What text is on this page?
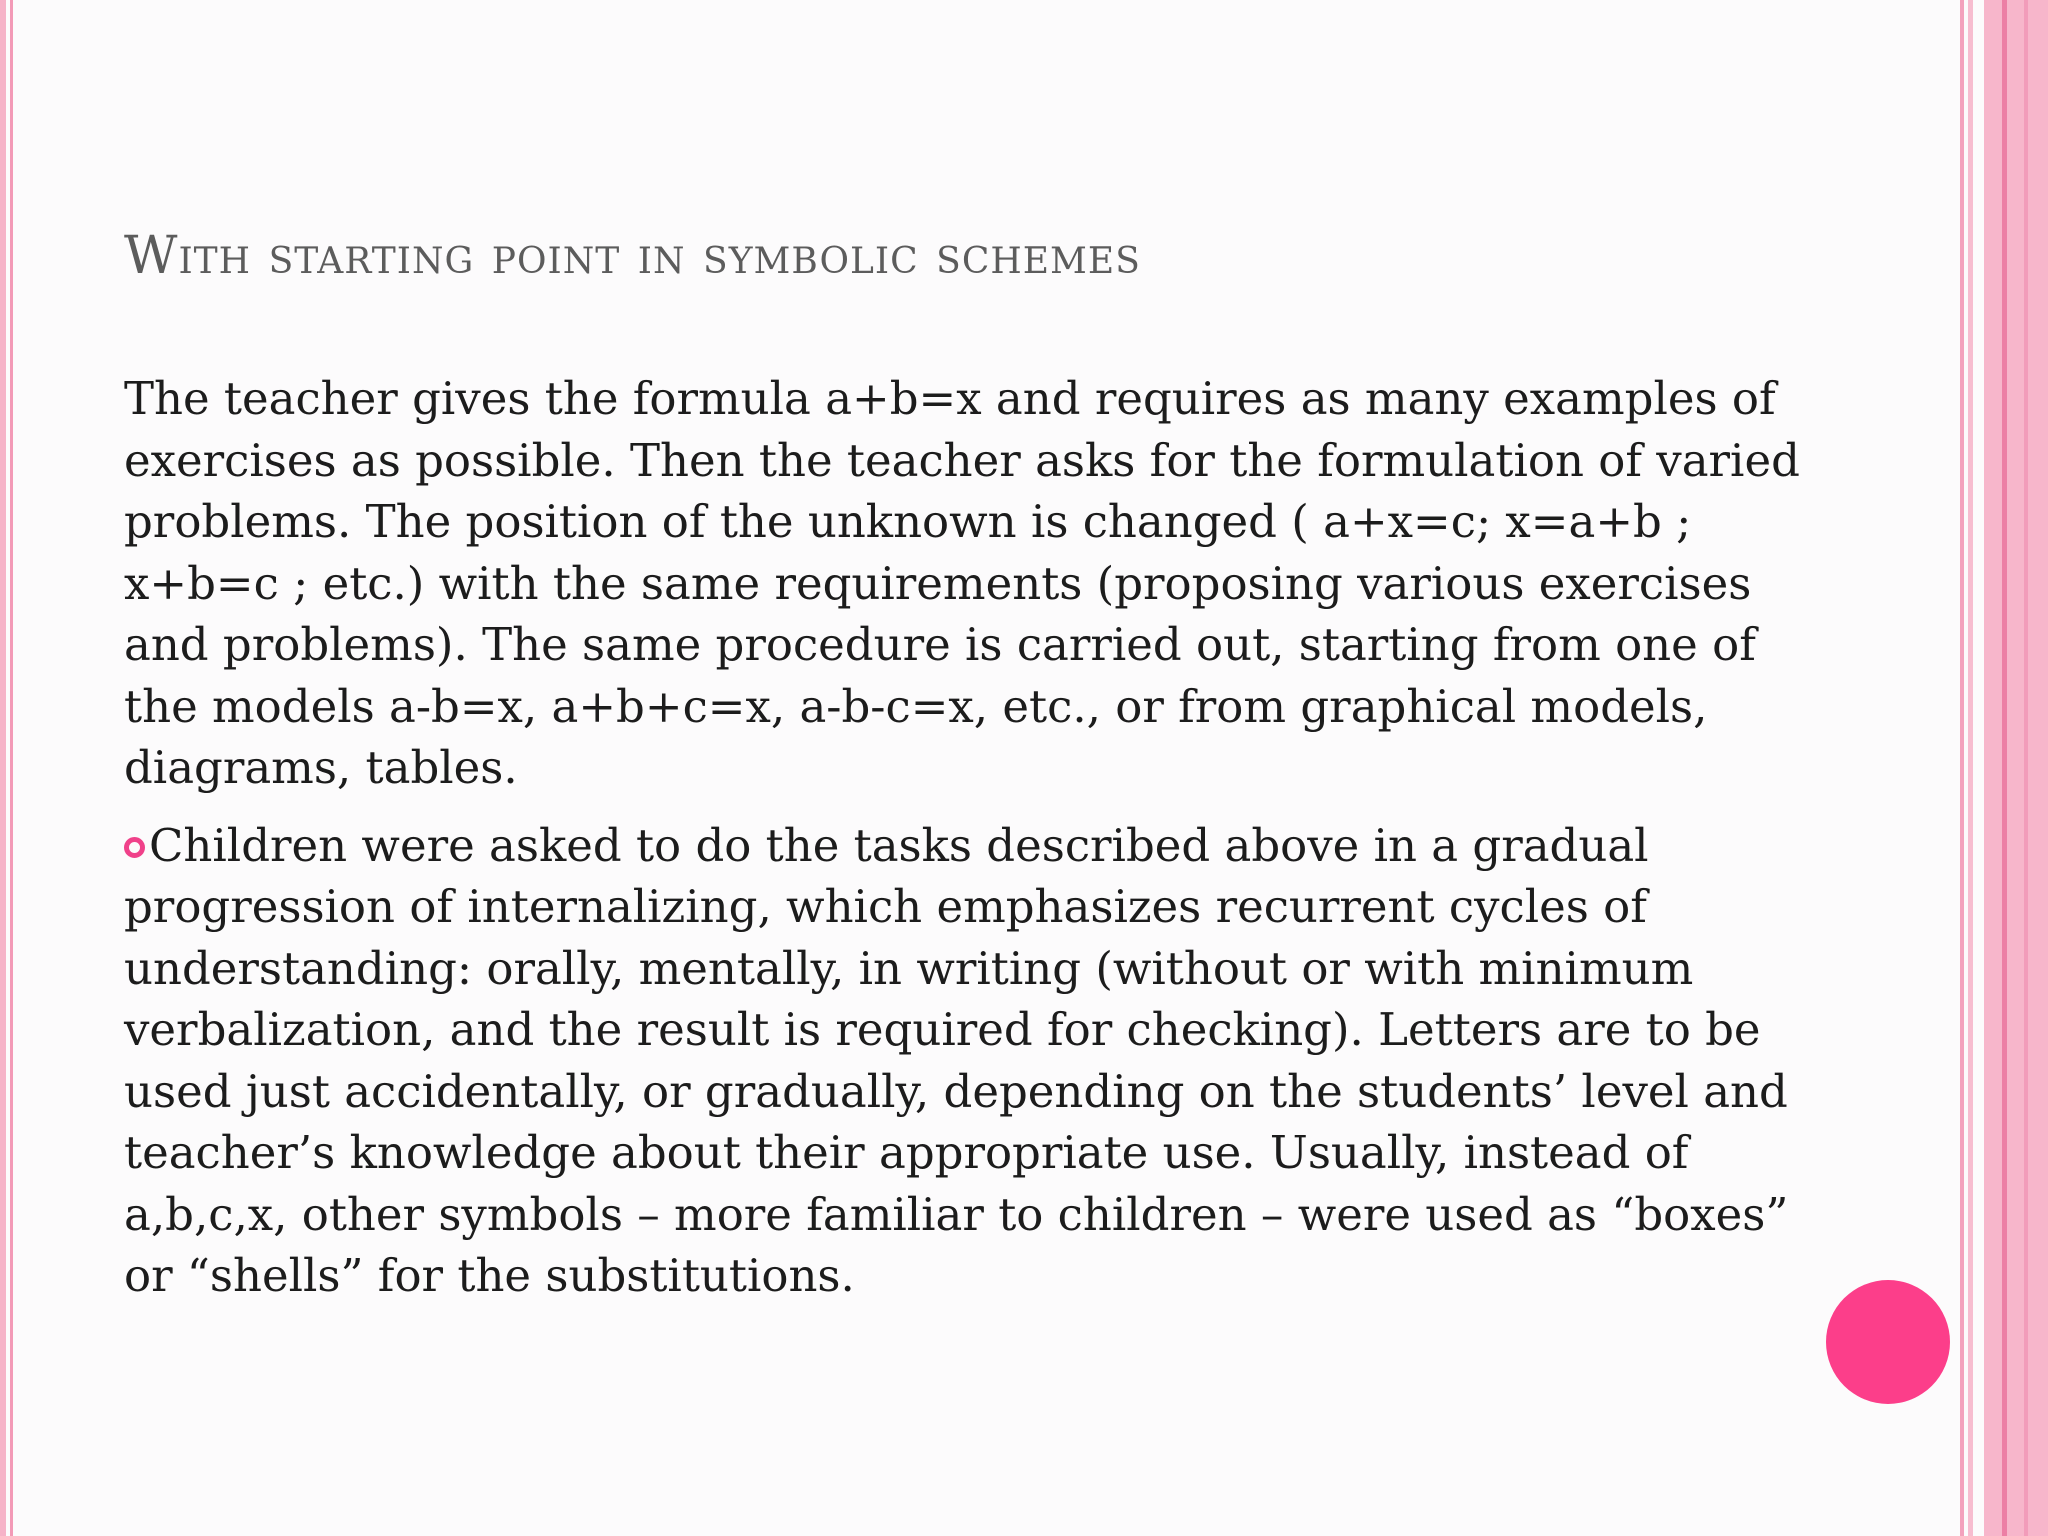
With starting point in symbolic schemes

The teacher gives the formula a+b=x and requires as many examples of exercises as possible. Then the teacher asks for the formulation of varied problems. The position of the unknown is changed ( a+x=c; x=a+b ; x+b=c ; etc.) with the same requirements (proposing various exercises and problems). The same procedure is carried out, starting from one of the models a-b=x, a+b+c=x, a-b-c=x, etc., or from graphical models, diagrams, tables.

Children were asked to do the tasks described above in a gradual progression of internalizing, which emphasizes recurrent cycles of understanding: orally, mentally, in writing (without or with minimum verbalization, and the result is required for checking). Letters are to be used just accidentally, or gradually, depending on the students’ level and teacher’s knowledge about their appropriate use. Usually, instead of a,b,c,x, other symbols – more familiar to children – were used as “boxes” or “shells” for the substitutions.
